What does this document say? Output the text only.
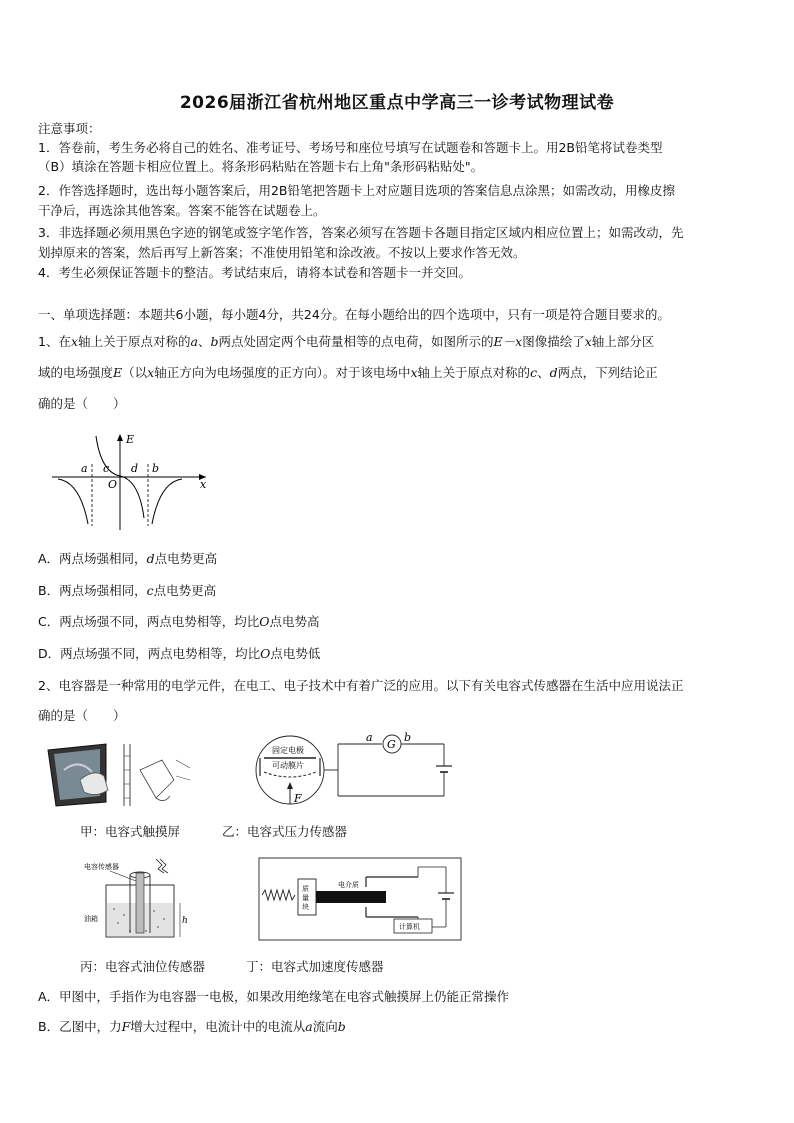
2026届浙江省杭州地区重点中学高三一诊考试物理试卷
注意事项：
1．答卷前，考生务必将自己的姓名、准考证号、考场号和座位号填写在试题卷和答题卡上。用2B铅笔将试卷类型
（B）填涂在答题卡相应位置上。将条形码粘贴在答题卡右上角"条形码粘贴处"。
2．作答选择题时，选出每小题答案后，用2B铅笔把答题卡上对应题目选项的答案信息点涂黑；如需改动，用橡皮擦
干净后，再选涂其他答案。答案不能答在试题卷上。
3．非选择题必须用黑色字迹的钢笔或签字笔作答，答案必须写在答题卡各题目指定区域内相应位置上；如需改动，先
划掉原来的答案，然后再写上新答案；不准使用铅笔和涂改液。不按以上要求作答无效。
4．考生必须保证答题卡的整洁。考试结束后，请将本试卷和答题卡一并交回。
一、单项选择题：本题共6小题，每小题4分，共24分。在每小题给出的四个选项中，只有一项是符合题目要求的。
1、在x轴上关于原点对称的a、b两点处固定两个电荷量相等的点电荷，如图所示的E－x图像描绘了x轴上部分区
域的电场强度E（以x轴正方向为电场强度的正方向）。对于该电场中x轴上关于原点对称的c、d两点，下列结论正
确的是（　　）
E
x
O
a	b
c d
A．两点场强相同，d点电势更高
B．两点场强相同，c点电势更高
C．两点场强不同，两点电势相等，均比O点电势高
D．两点场强不同，两点电势相等，均比O点电势低
2、电容器是一种常用的电学元件，在电工、电子技术中有着广泛的应用。以下有关电容式传感器在生活中应用说法正
确的是（　　）
固定电极
可动膜片
F
G
a	b
甲：电容式触摸屏	乙：电容式压力传感器
电容传感器
油箱	h
质
量
块
电介质
计算机
丙：电容式油位传感器	丁：电容式加速度传感器
A．甲图中，手指作为电容器一电极，如果改用绝缘笔在电容式触摸屏上仍能正常操作
B．乙图中，力F增大过程中，电流计中的电流从a流向b
